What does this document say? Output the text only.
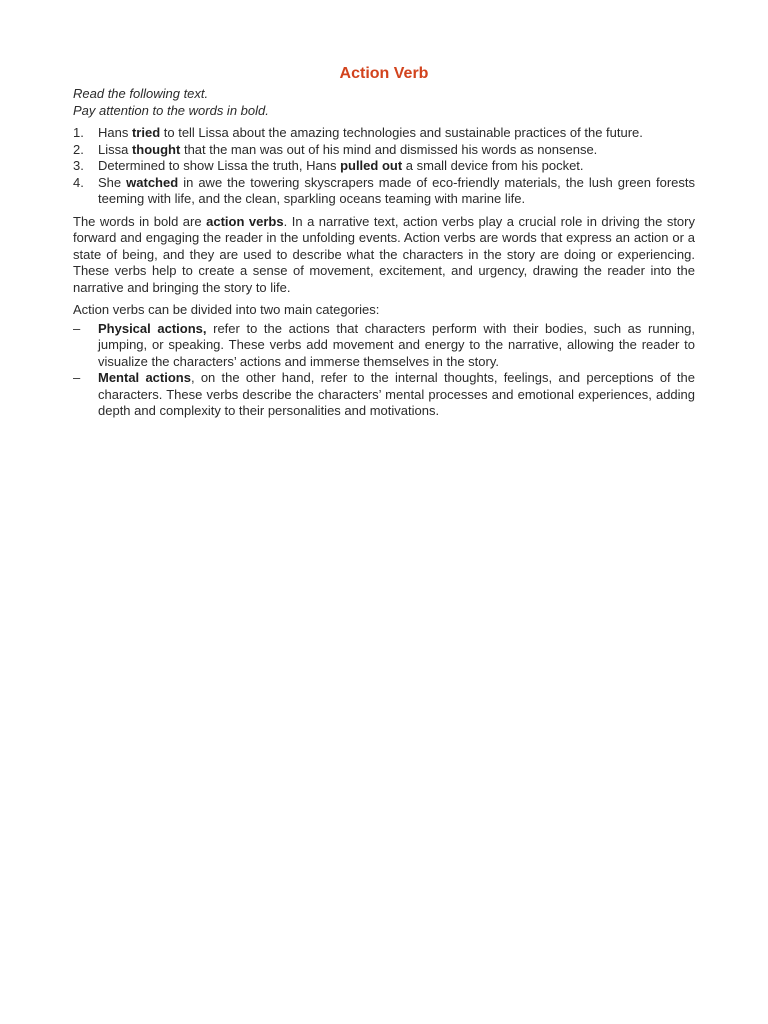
Action Verb

Read the following text.

Pay attention to the words in bold.

1. Hans tried to tell Lissa about the amazing technologies and sustainable practices of the future.
2. Lissa thought that the man was out of his mind and dismissed his words as nonsense.
3. Determined to show Lissa the truth, Hans pulled out a small device from his pocket.
4. She watched in awe the towering skyscrapers made of eco-friendly materials, the lush green forests teeming with life, and the clean, sparkling oceans teaming with marine life.

The words in bold are action verbs. In a narrative text, action verbs play a crucial role in driving the story forward and engaging the reader in the unfolding events. Action verbs are words that express an action or a state of being, and they are used to describe what the characters in the story are doing or experiencing. These verbs help to create a sense of movement, excitement, and urgency, drawing the reader into the narrative and bringing the story to life.

Action verbs can be divided into two main categories:

– Physical actions, refer to the actions that characters perform with their bodies, such as running, jumping, or speaking. These verbs add movement and energy to the narrative, allowing the reader to visualize the characters’ actions and immerse themselves in the story.
– Mental actions, on the other hand, refer to the internal thoughts, feelings, and perceptions of the characters. These verbs describe the characters’ mental processes and emotional experiences, adding depth and complexity to their personalities and motivations.
